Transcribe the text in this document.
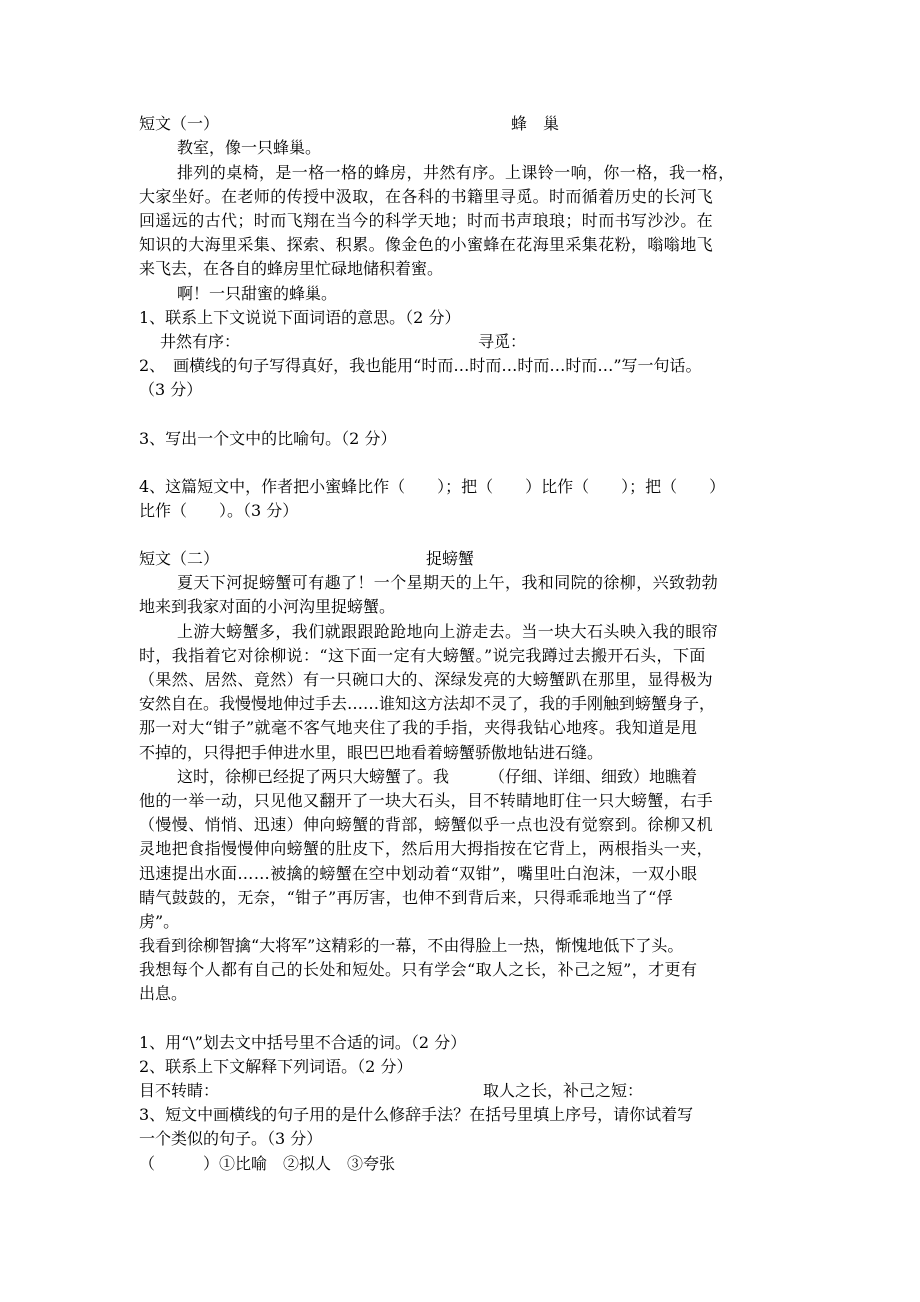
短文（一）	蜂　巢
教室，像一只蜂巢。
排列的桌椅，是一格一格的蜂房，井然有序。上课铃一响，你一格，我一格，
大家坐好。在老师的传授中汲取，在各科的书籍里寻觅。时而循着历史的长河飞
回遥远的古代；时而飞翔在当今的科学天地；时而书声琅琅；时而书写沙沙。在
知识的大海里采集、探索、积累。像金色的小蜜蜂在花海里采集花粉，嗡嗡地飞
来飞去，在各自的蜂房里忙碌地储积着蜜。
啊！一只甜蜜的蜂巢。
1、联系上下文说说下面词语的意思。（2 分）
井然有序：	寻觅：
2、　画横线的句子写得真好，我也能用“时而…时而…时而…时而…”写一句话。
（3 分）
3、写出一个文中的比喻句。（2 分）
4、这篇短文中，作者把小蜜蜂比作（　　）；把（　　）比作（　　）；把（　　）
比作（　　）。（3 分）
短文（二）	捉螃蟹
夏天下河捉螃蟹可有趣了！一个星期天的上午，我和同院的徐柳，兴致勃勃
地来到我家对面的小河沟里捉螃蟹。
上游大螃蟹多，我们就跟跟跄跄地向上游走去。当一块大石头映入我的眼帘
时，我指着它对徐柳说：“这下面一定有大螃蟹。”说完我蹲过去搬开石头，下面
（果然、居然、竟然）有一只碗口大的、深绿发亮的大螃蟹趴在那里，显得极为
安然自在。我慢慢地伸过手去……谁知这方法却不灵了，我的手刚触到螃蟹身子，
那一对大“钳子”就毫不客气地夹住了我的手指，夹得我钻心地疼。我知道是甩
不掉的，只得把手伸进水里，眼巴巴地看着螃蟹骄傲地钻进石缝。
这时，徐柳已经捉了两只大螃蟹了。我　　　（仔细、详细、细致）地瞧着
他的一举一动，只见他又翻开了一块大石头，目不转睛地盯住一只大螃蟹，右手
（慢慢、悄悄、迅速）伸向螃蟹的背部，螃蟹似乎一点也没有觉察到。徐柳又机
灵地把食指慢慢伸向螃蟹的肚皮下，然后用大拇指按在它背上，两根指头一夹，
迅速提出水面……被擒的螃蟹在空中划动着“双钳”，嘴里吐白泡沫，一双小眼
睛气鼓鼓的，无奈，“钳子”再厉害，也伸不到背后来，只得乖乖地当了“俘
虏”。
我看到徐柳智擒“大将军”这精彩的一幕，不由得脸上一热，惭愧地低下了头。
我想每个人都有自己的长处和短处。只有学会“取人之长，补己之短”，才更有
出息。
1、用“\”划去文中括号里不合适的词。（2 分）
2、联系上下文解释下列词语。（2 分）
目不转睛：	取人之长，补己之短：
3、短文中画横线的句子用的是什么修辞手法？在括号里填上序号，请你试着写
一个类似的句子。（3 分）
（　　　）①比喻　②拟人　③夸张
